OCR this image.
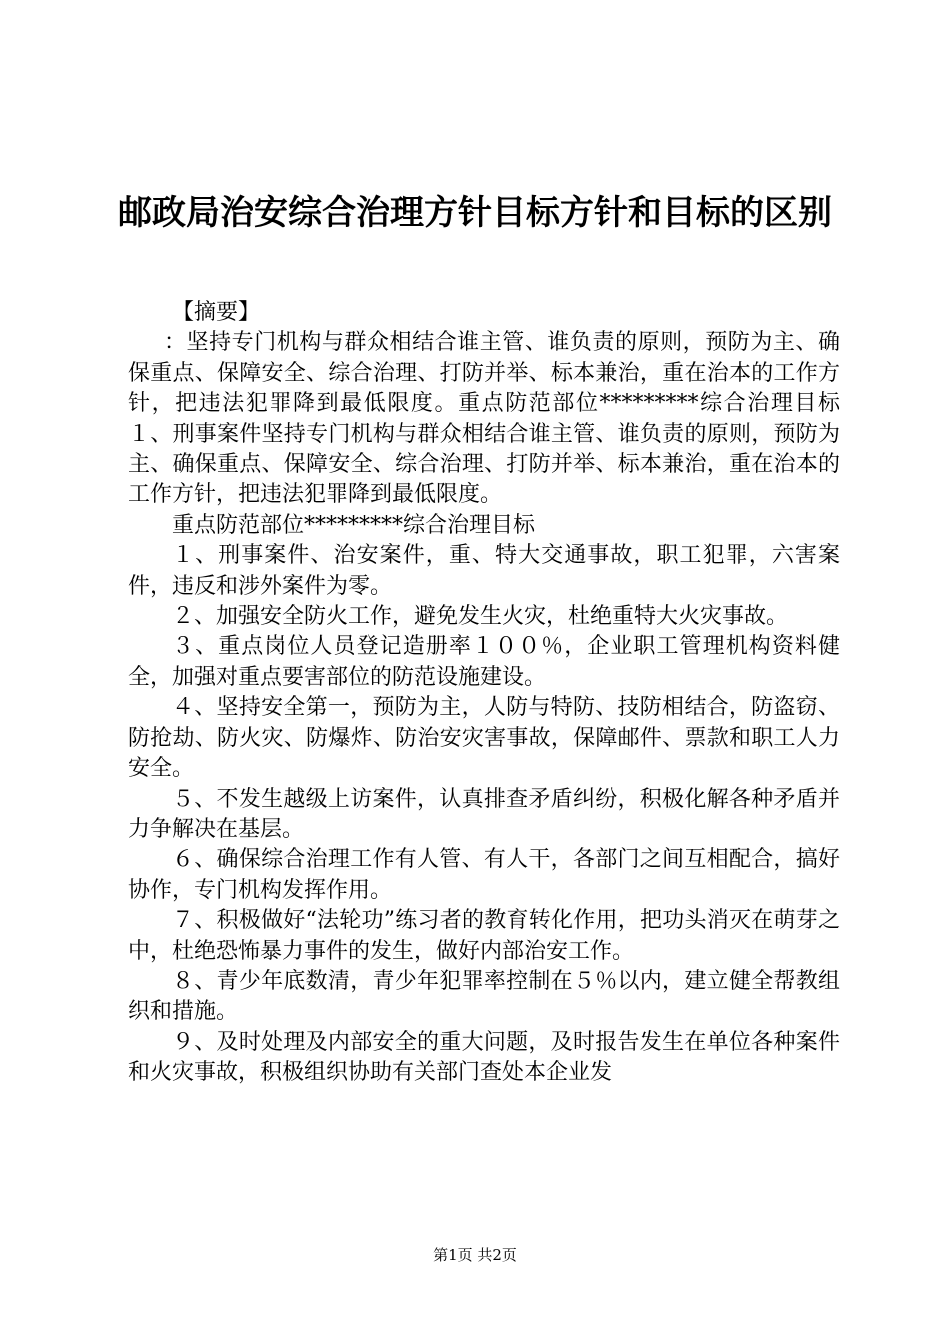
邮政局治安综合治理方针目标方针和目标的区别

【摘要】

：坚持专门机构与群众相结合谁主管、谁负责的原则，预防为主、确保重点、保障安全、综合治理、打防并举、标本兼治，重在治本的工作方针，把违法犯罪降到最低限度。重点防范部位*********综合治理目标１、刑事案件坚持专门机构与群众相结合谁主管、谁负责的原则，预防为主、确保重点、保障安全、综合治理、打防并举、标本兼治，重在治本的工作方针，把违法犯罪降到最低限度。

重点防范部位*********综合治理目标

１、刑事案件、治安案件，重、特大交通事故，职工犯罪，六害案件，违反和涉外案件为零。

２、加强安全防火工作，避免发生火灾，杜绝重特大火灾事故。

３、重点岗位人员登记造册率１００％，企业职工管理机构资料健全，加强对重点要害部位的防范设施建设。

４、坚持安全第一，预防为主，人防与特防、技防相结合，防盗窃、防抢劫、防火灾、防爆炸、防治安灾害事故，保障邮件、票款和职工人力安全。

５、不发生越级上访案件，认真排查矛盾纠纷，积极化解各种矛盾并力争解决在基层。

６、确保综合治理工作有人管、有人干，各部门之间互相配合，搞好协作，专门机构发挥作用。

７、积极做好“法轮功”练习者的教育转化作用，把功头消灭在萌芽之中，杜绝恐怖暴力事件的发生，做好内部治安工作。

８、青少年底数清，青少年犯罪率控制在５％以内，建立健全帮教组织和措施。

９、及时处理及内部安全的重大问题，及时报告发生在单位各种案件和火灾事故，积极组织协助有关部门查处本企业发

第1页 共2页
